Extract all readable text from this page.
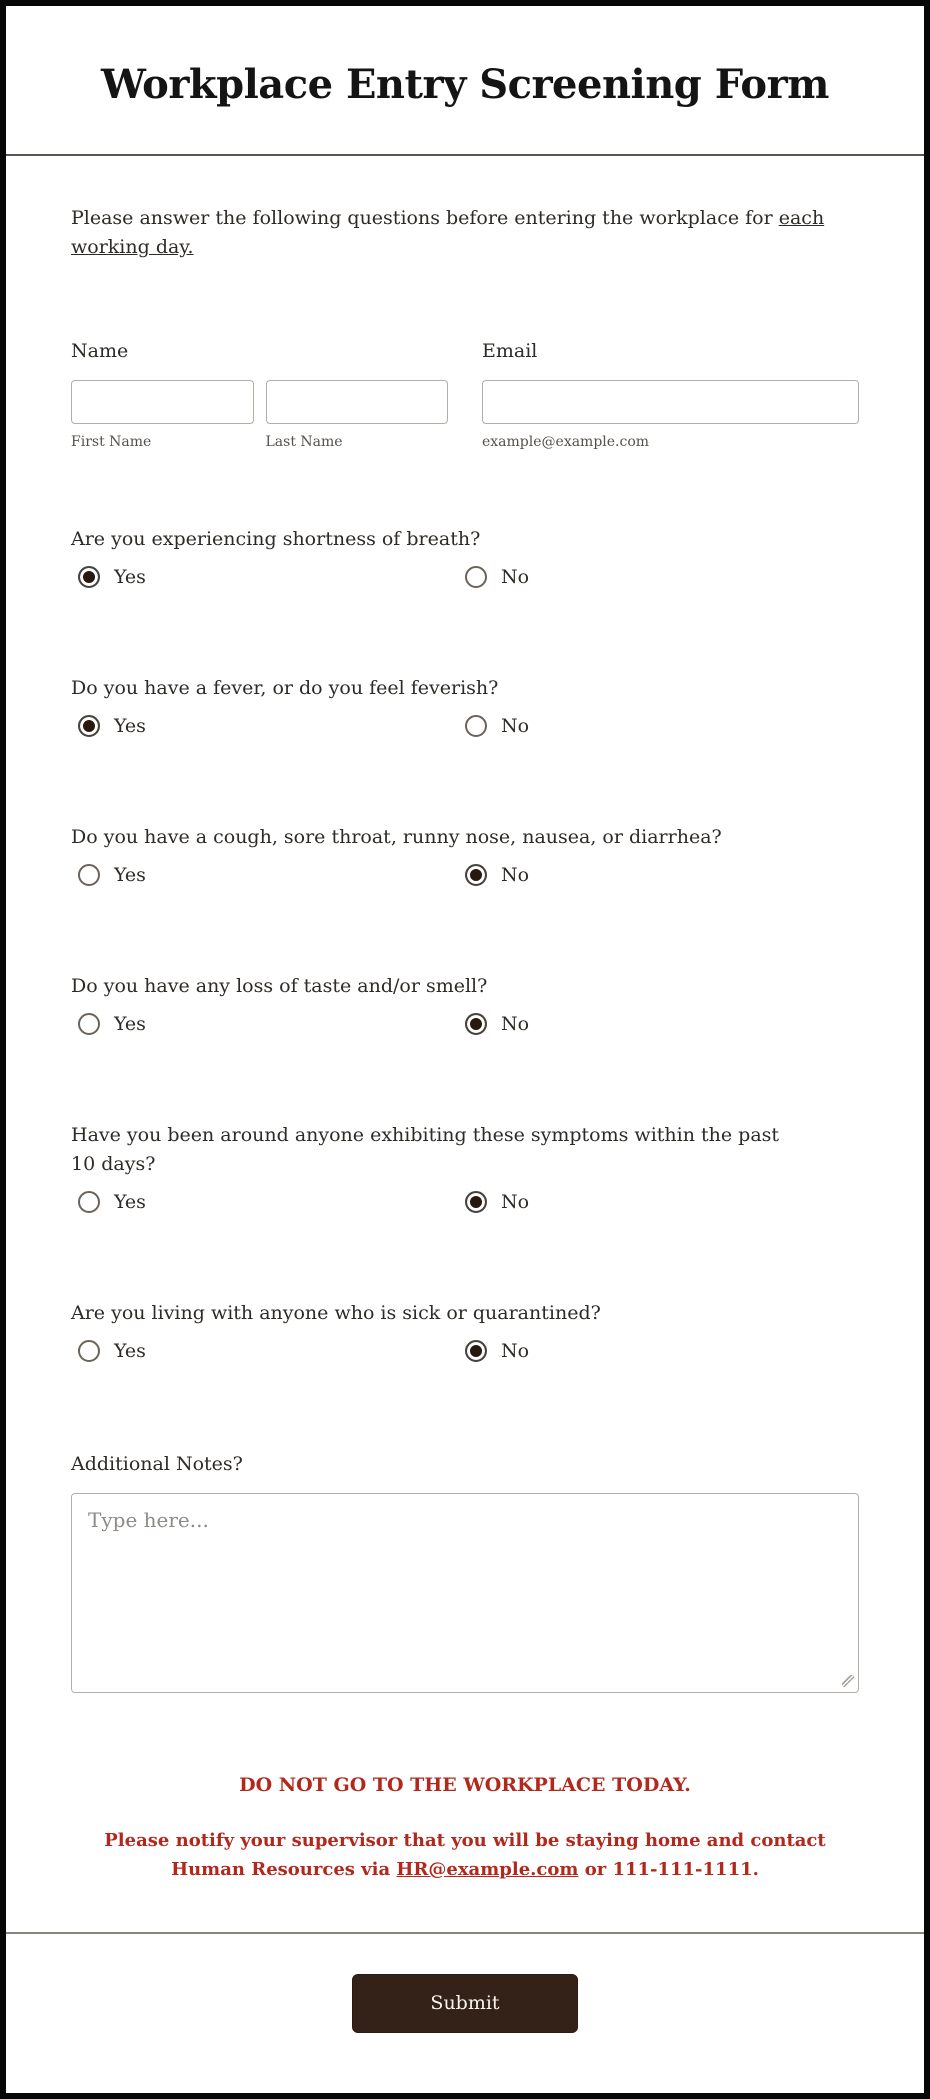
Workplace Entry Screening Form

Please answer the following questions before entering the workplace for each working day.

Name
First Name	Last Name
Email
example@example.com
Are you experiencing shortness of breath?
Yes	No
Do you have a fever, or do you feel feverish?
Yes	No
Do you have a cough, sore throat, runny nose, nausea, or diarrhea?
Yes	No
Do you have any loss of taste and/or smell?
Yes	No
Have you been around anyone exhibiting these symptoms within the past 10 days?
Yes	No
Are you living with anyone who is sick or quarantined?
Yes	No
Additional Notes?
Type here...
DO NOT GO TO THE WORKPLACE TODAY.
Please notify your supervisor that you will be staying home and contact Human Resources via HR@example.com or 111-111-1111.
Submit
